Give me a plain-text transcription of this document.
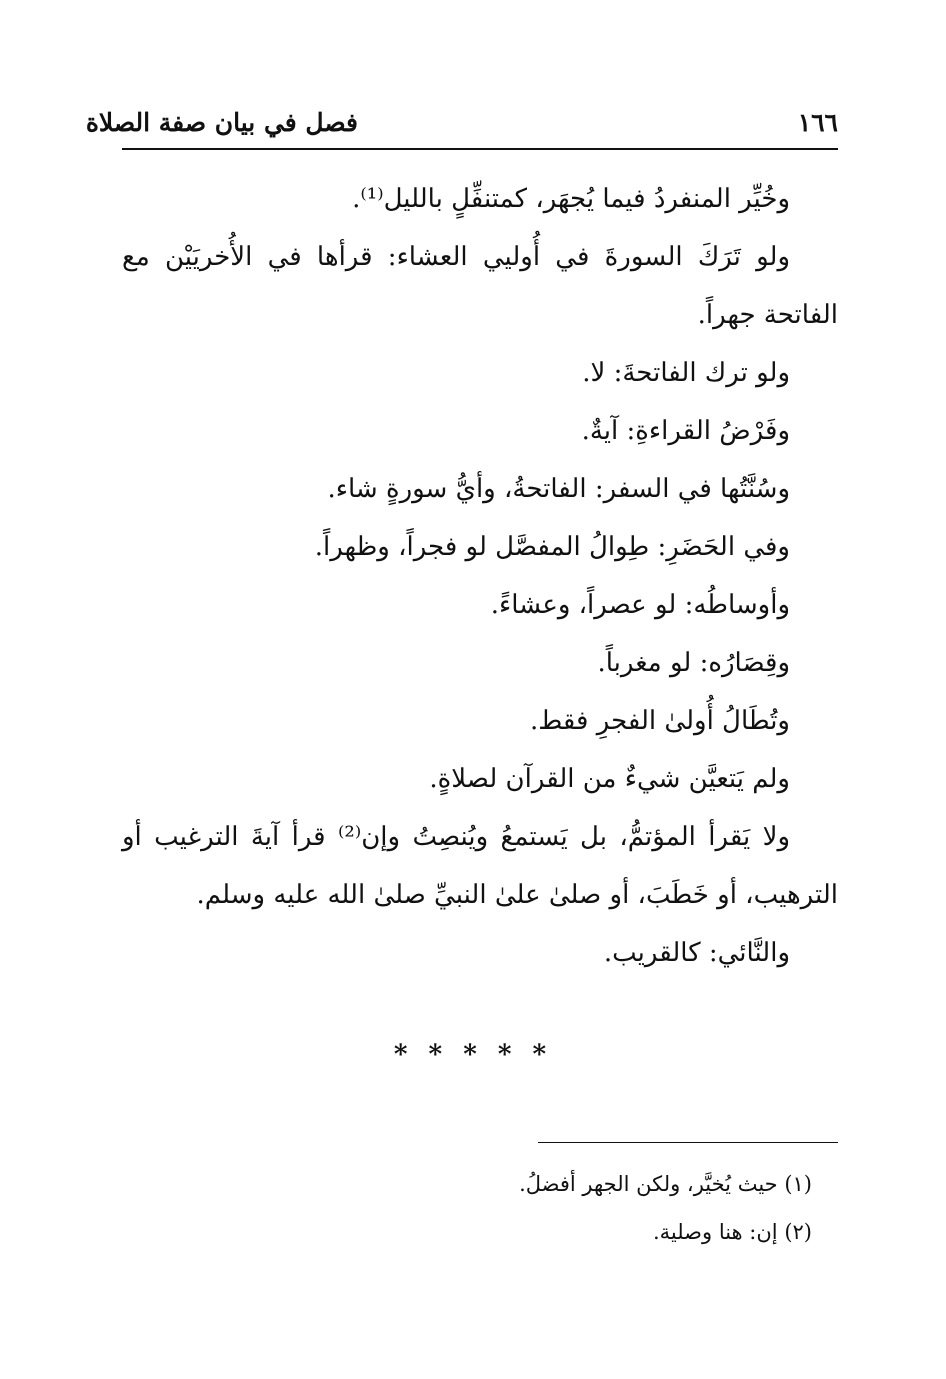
فصل في بيان صفة الصلاة	١٦٦

وخُيِّر المنفردُ فيما يُجهَر، كمتنفِّلٍ بالليل⁽¹⁾.

ولو تَرَكَ السورةَ في أُوليي العشاء: قرأها في الأُخريَيْن مع الفاتحة جهراً.

ولو ترك الفاتحةَ: لا.

وفَرْضُ القراءةِ: آيةٌ.

وسُنَّتُها في السفر: الفاتحةُ، وأيُّ سورةٍ شاء.

وفي الحَضَرِ: طِوالُ المفصَّل لو فجراً، وظهراً.

وأوساطُه: لو عصراً، وعشاءً.

وقِصَارُه: لو مغرباً.

وتُطَالُ أُولىٰ الفجرِ فقط.

ولم يَتعيَّن شيءٌ من القرآن لصلاةٍ.

ولا يَقرأ المؤتمُّ، بل يَستمعُ ويُنصِتُ وإن⁽²⁾ قرأ آيةَ الترغيب أو الترهيب، أو خَطَبَ، أو صلىٰ علىٰ النبيِّ صلىٰ الله عليه وسلم.

والنَّائي: كالقريب.

* * * * *

(١) حيث يُخيَّر، ولكن الجهر أفضلُ.

(٢) إن: هنا وصلية.
